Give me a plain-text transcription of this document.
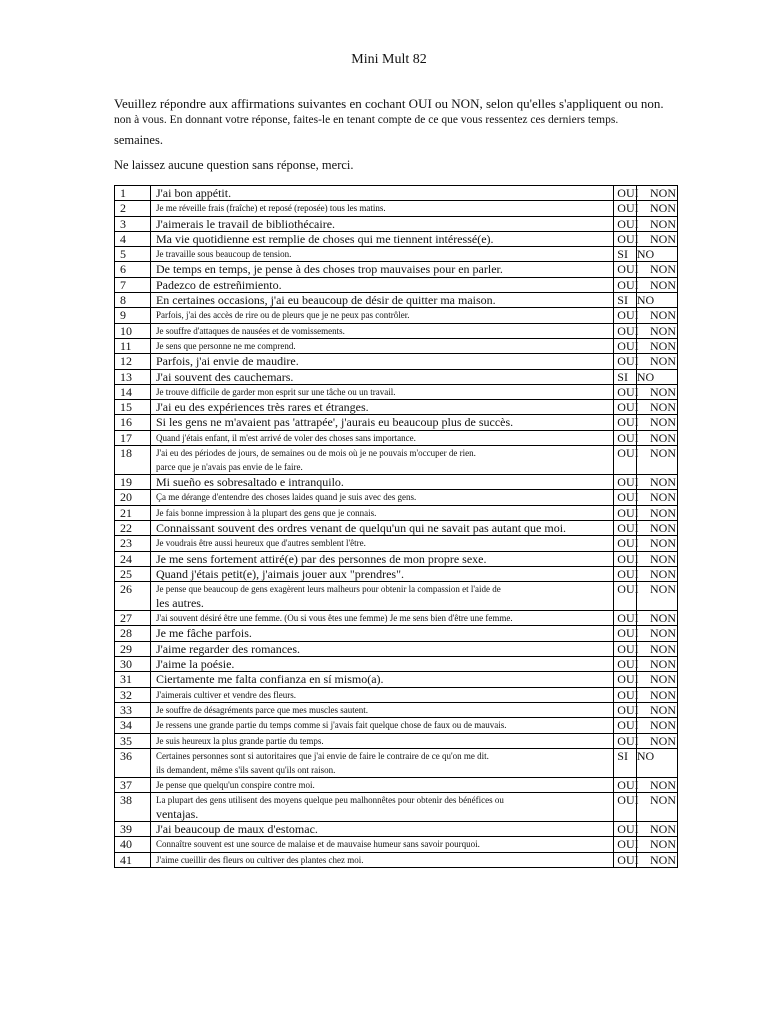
Mini Mult 82
Veuillez répondre aux affirmations suivantes en cochant OUI ou NON, selon qu'elles s'appliquent ou non.
non à vous. En donnant votre réponse, faites-le en tenant compte de ce que vous ressentez ces derniers temps.
semaines.
Ne laissez aucune question sans réponse, merci.
1	J'ai bon appétit.	OUI	NON
2	Je me réveille frais (fraîche) et reposé (reposée) tous les matins.	OUI	NON
3	J'aimerais le travail de bibliothécaire.	OUI	NON
4	Ma vie quotidienne est remplie de choses qui me tiennent intéressé(e).	OUI	NON
5	Je travaille sous beaucoup de tension.	SI	NO
6	De temps en temps, je pense à des choses trop mauvaises pour en parler.	OUI	NON
7	Padezco de estreñimiento.	OUI	NON
8	En certaines occasions, j'ai eu beaucoup de désir de quitter ma maison.	SI	NO
9	Parfois, j'ai des accès de rire ou de pleurs que je ne peux pas contrôler.	OUI	NON
10	Je souffre d'attaques de nausées et de vomissements.	OUI	NON
11	Je sens que personne ne me comprend.	OUI	NON
12	Parfois, j'ai envie de maudire.	OUI	NON
13	J'ai souvent des cauchemars.	SI	NO
14	Je trouve difficile de garder mon esprit sur une tâche ou un travail.	OUI	NON
15	J'ai eu des expériences très rares et étranges.	OUI	NON
16	Si les gens ne m'avaient pas 'attrapée', j'aurais eu beaucoup plus de succès.	OUI	NON
17	Quand j'étais enfant, il m'est arrivé de voler des choses sans importance.	OUI	NON
18	J'ai eu des périodes de jours, de semaines ou de mois où je ne pouvais m'occuper de rien.
parce que je n'avais pas envie de le faire.	OUI	NON
19	Mi sueño es sobresaltado e intranquilo.	OUI	NON
20	Ça me dérange d'entendre des choses laides quand je suis avec des gens.	OUI	NON
21	Je fais bonne impression à la plupart des gens que je connais.	OUI	NON
22	Connaissant souvent des ordres venant de quelqu'un qui ne savait pas autant que moi.	OUI	NON
23	Je voudrais être aussi heureux que d'autres semblent l'être.	OUI	NON
24	Je me sens fortement attiré(e) par des personnes de mon propre sexe.	OUI	NON
25	Quand j'étais petit(e), j'aimais jouer aux "prendres".	OUI	NON
26	Je pense que beaucoup de gens exagèrent leurs malheurs pour obtenir la compassion et l'aide de
les autres.	OUI	NON
27	J'ai souvent désiré être une femme. (Ou si vous êtes une femme) Je me sens bien d'être une femme.	OUI	NON
28	Je me fâche parfois.	OUI	NON
29	J'aime regarder des romances.	OUI	NON
30	J'aime la poésie.	OUI	NON
31	Ciertamente me falta confianza en sí mismo(a).	OUI	NON
32	J'aimerais cultiver et vendre des fleurs.	OUI	NON
33	Je souffre de désagréments parce que mes muscles sautent.	OUI	NON
34	Je ressens une grande partie du temps comme si j'avais fait quelque chose de faux ou de mauvais.	OUI	NON
35	Je suis heureux la plus grande partie du temps.	OUI	NON
36	Certaines personnes sont si autoritaires que j'ai envie de faire le contraire de ce qu'on me dit.
ils demandent, même s'ils savent qu'ils ont raison.	SI	NO
37	Je pense que quelqu'un conspire contre moi.	OUI	NON
38	La plupart des gens utilisent des moyens quelque peu malhonnêtes pour obtenir des bénéfices ou
ventajas.	OUI	NON
39	J'ai beaucoup de maux d'estomac.	OUI	NON
40	Connaître souvent est une source de malaise et de mauvaise humeur sans savoir pourquoi.	OUI	NON
41	J'aime cueillir des fleurs ou cultiver des plantes chez moi.	OUI	NON
